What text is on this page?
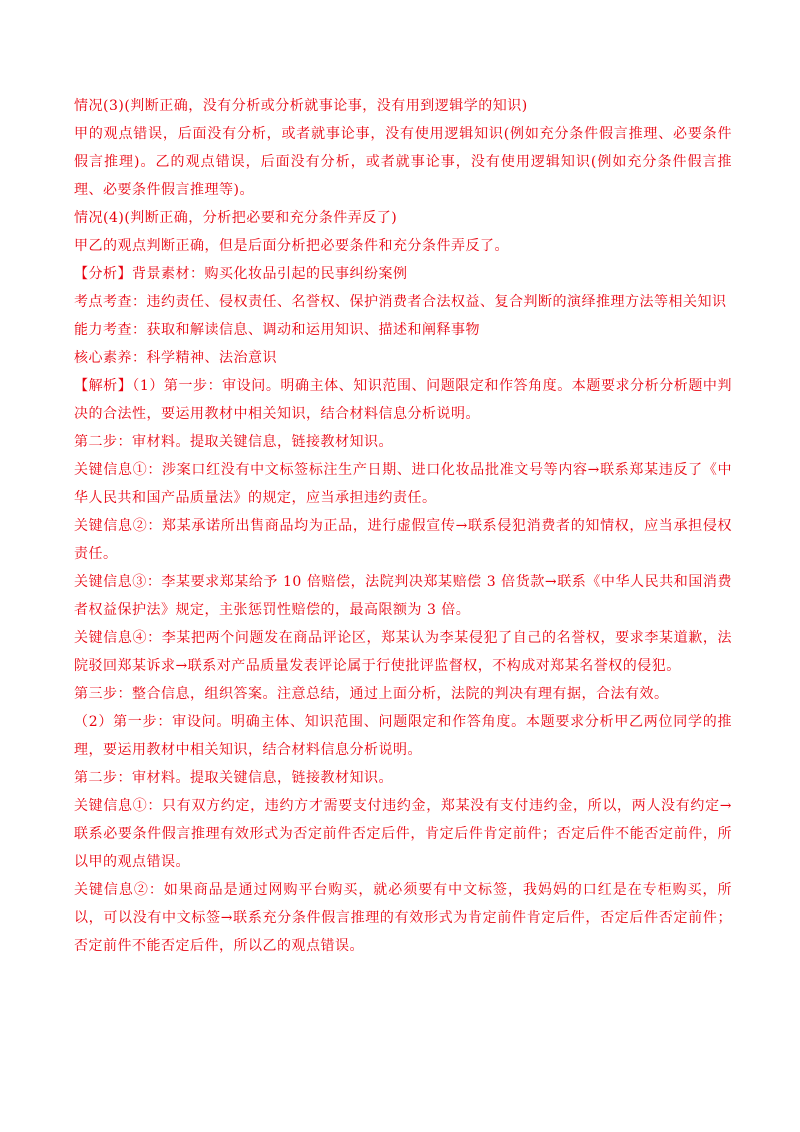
情况(3)(判断正确，没有分析或分析就事论事，没有用到逻辑学的知识)

甲的观点错误，后面没有分析，或者就事论事，没有使用逻辑知识(例如充分条件假言推理、必要条件假言推理)。乙的观点错误，后面没有分析，或者就事论事，没有使用逻辑知识(例如充分条件假言推理、必要条件假言推理等)。

情况(4)(判断正确，分析把必要和充分条件弄反了)

甲乙的观点判断正确，但是后面分析把必要条件和充分条件弄反了。

【分析】背景素材：购买化妆品引起的民事纠纷案例

考点考查：违约责任、侵权责任、名誉权、保护消费者合法权益、复合判断的演绎推理方法等相关知识

能力考查：获取和解读信息、调动和运用知识、描述和阐释事物

核心素养：科学精神、法治意识

【解析】（1）第一步：审设问。明确主体、知识范围、问题限定和作答角度。本题要求分析分析题中判决的合法性，要运用教材中相关知识，结合材料信息分析说明。

第二步：审材料。提取关键信息，链接教材知识。

关键信息①：涉案口红没有中文标签标注生产日期、进口化妆品批准文号等内容→联系郑某违反了《中华人民共和国产品质量法》的规定，应当承担违约责任。

关键信息②：郑某承诺所出售商品均为正品，进行虚假宣传→联系侵犯消费者的知情权，应当承担侵权责任。

关键信息③：李某要求郑某给予 10 倍赔偿，法院判决郑某赔偿 3 倍货款→联系《中华人民共和国消费者权益保护法》规定，主张惩罚性赔偿的，最高限额为 3 倍。

关键信息④：李某把两个问题发在商品评论区，郑某认为李某侵犯了自己的名誉权，要求李某道歉，法院驳回郑某诉求→联系对产品质量发表评论属于行使批评监督权，不构成对郑某名誉权的侵犯。

第三步：整合信息，组织答案。注意总结，通过上面分析，法院的判决有理有据，合法有效。

（2）第一步：审设问。明确主体、知识范围、问题限定和作答角度。本题要求分析甲乙两位同学的推理，要运用教材中相关知识，结合材料信息分析说明。

第二步：审材料。提取关键信息，链接教材知识。

关键信息①：只有双方约定，违约方才需要支付违约金，郑某没有支付违约金，所以，两人没有约定→联系必要条件假言推理有效形式为否定前件否定后件，肯定后件肯定前件；否定后件不能否定前件，所以甲的观点错误。

关键信息②：如果商品是通过网购平台购买，就必须要有中文标签，我妈妈的口红是在专柜购买，所以，可以没有中文标签→联系充分条件假言推理的有效形式为肯定前件肯定后件，否定后件否定前件；否定前件不能否定后件，所以乙的观点错误。
